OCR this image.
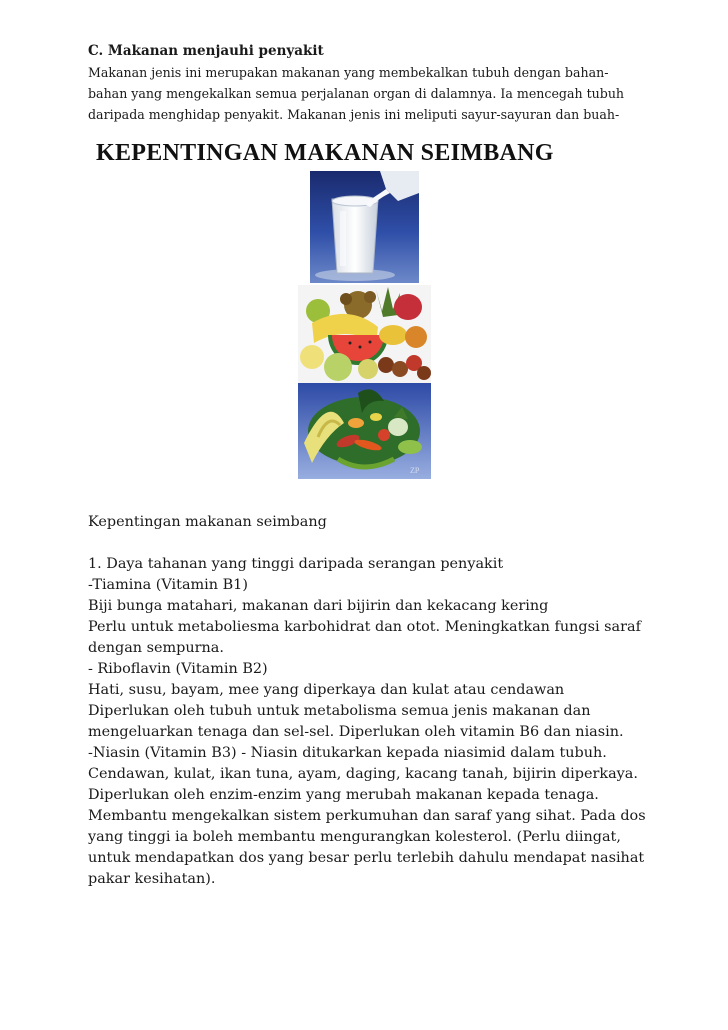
C. Makanan menjauhi penyakit

Makanan jenis ini merupakan makanan yang membekalkan tubuh dengan bahan-

bahan yang mengekalkan semua perjalanan organ di dalamnya. Ia mencegah tubuh

daripada menghidap penyakit. Makanan jenis ini meliputi sayur-sayuran dan buah-

KEPENTINGAN MAKANAN SEIMBANG
ZP
Kepentingan makanan seimbang
1. Daya tahanan yang tinggi daripada serangan penyakit
-Tiamina (Vitamin B1)
Biji bunga matahari, makanan dari bijirin dan kekacang kering
Perlu untuk metaboliesma karbohidrat dan otot. Meningkatkan fungsi saraf
dengan sempurna.
- Riboflavin (Vitamin B2)
Hati, susu, bayam, mee yang diperkaya dan kulat atau cendawan
Diperlukan oleh tubuh untuk metabolisma semua jenis makanan dan
mengeluarkan tenaga dan sel-sel. Diperlukan oleh vitamin B6 dan niasin.
-Niasin (Vitamin B3) - Niasin ditukarkan kepada niasimid dalam tubuh.
Cendawan, kulat, ikan tuna, ayam, daging, kacang tanah, bijirin diperkaya.
Diperlukan oleh enzim-enzim yang merubah makanan kepada tenaga.
Membantu mengekalkan sistem perkumuhan dan saraf yang sihat. Pada dos
yang tinggi ia boleh membantu mengurangkan kolesterol. (Perlu diingat,
untuk mendapatkan dos yang besar perlu terlebih dahulu mendapat nasihat
pakar kesihatan).
